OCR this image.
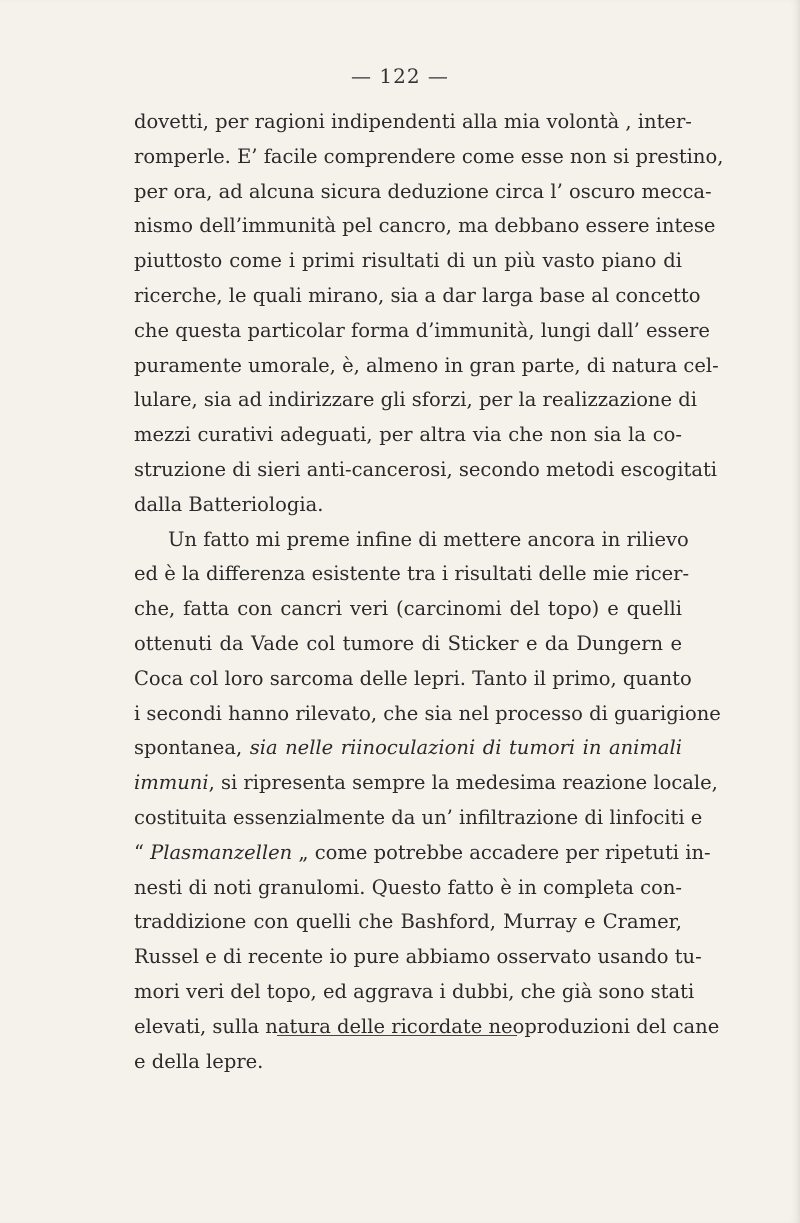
— 122 —
dovetti, per ragioni indipendenti alla mia volontà , inter-
romperle. E’ facile comprendere come esse non si prestino,
per ora, ad alcuna sicura deduzione circa l’ oscuro mecca-
nismo dell’immunità pel cancro, ma debbano essere intese
piuttosto come i primi risultati di un più vasto piano di
ricerche, le quali mirano, sia a dar larga base al concetto
che questa particolar forma d’immunità, lungi dall’ essere
puramente umorale, è, almeno in gran parte, di natura cel-
lulare, sia ad indirizzare gli sforzi, per la realizzazione di
mezzi curativi adeguati, per altra via che non sia la co-
struzione di sieri anti-cancerosi, secondo metodi escogitati
dalla Batteriologia.
Un fatto mi preme infine di mettere ancora in rilievo
ed è la differenza esistente tra i risultati delle mie ricer-
che, fatta con cancri veri (carcinomi del topo) e quelli
ottenuti da Vade col tumore di Sticker e da Dungern e
Coca col loro sarcoma delle lepri. Tanto il primo, quanto
i secondi hanno rilevato, che sia nel processo di guarigione
spontanea, sia nelle riinoculazioni di tumori in animali
immuni, si ripresenta sempre la medesima reazione locale,
costituita essenzialmente da un’ infiltrazione di linfociti e
“ Plasmanzellen „ come potrebbe accadere per ripetuti in-
nesti di noti granulomi. Questo fatto è in completa con-
traddizione con quelli che Bashford, Murray e Cramer,
Russel e di recente io pure abbiamo osservato usando tu-
mori veri del topo, ed aggrava i dubbi, che già sono stati
elevati, sulla natura delle ricordate neoproduzioni del cane
e della lepre.
